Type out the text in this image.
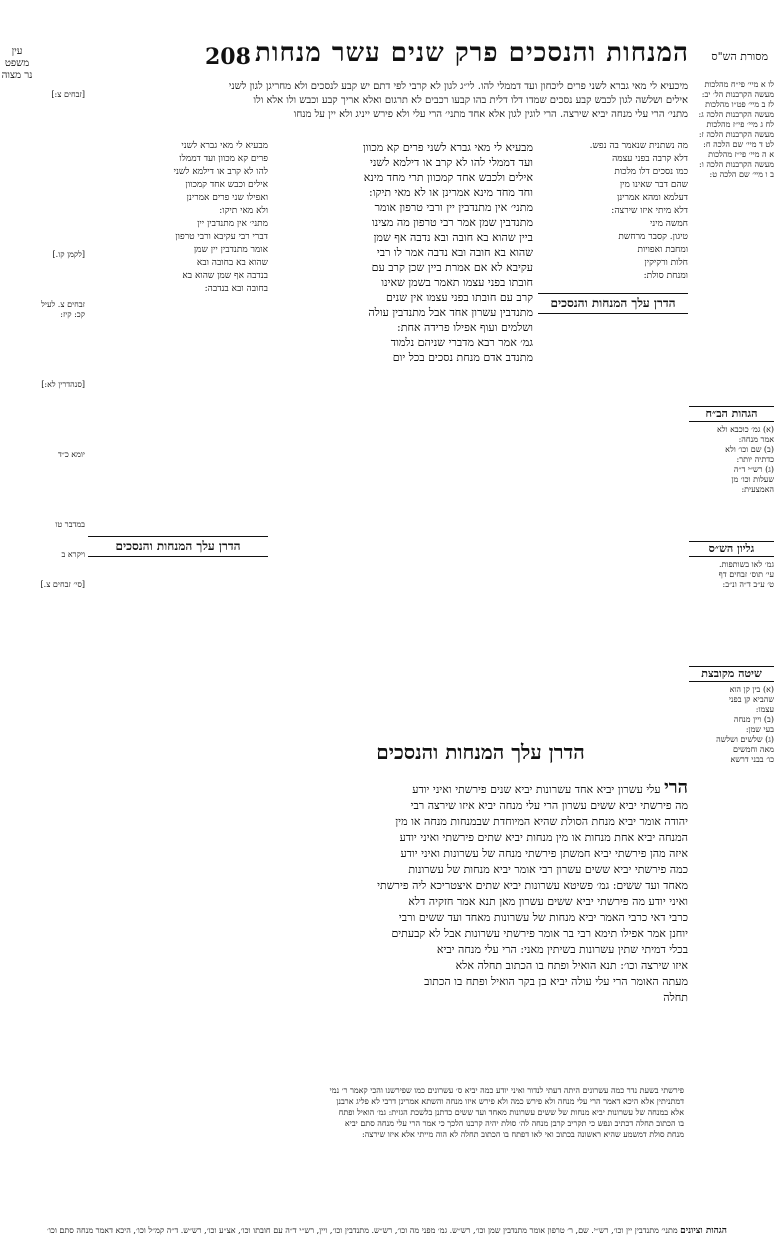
208 המנחות והנסכים פרק שנים עשר מנחות
עין משפט נר מצוה
מסורת הש"ס
לו א מיי׳ פי״ח מהלכות
מעשה הקרבנות הל׳ יב:
לז ב מיי׳ פט״ו מהלכות
מעשה הקרבנות הלכה ג:
לח ג מיי׳ פי״ז מהלכות
מעשה הקרבנות הלכה ז:
לט ד מיי׳ שם הלכה ח:
א ה מיי׳ פי״ז מהלכות
מעשה הקרבנות הלכה ו:
ב ו מיי׳ שם הלכה ט:
הגהות הב״ח
(א) גמ׳ כוכבא ולא
אמר מנחה:
(ב) שם וכו׳ ולא
כדתיה יותר:
(ג) רש״י ד״ה
שעלות וכו׳ מן
האמצעית:
גליון הש״ס
גמ׳ לאו בשותפות.
עי׳ תוס׳ זבחים דף
ט׳ ע״ב ד״ה ונ״ב:
שיטה מקובצת
(א) בין קן הוא
שהביא קן בפני
עצמו:
(ב) ויין מנחה
בעי שמן:
(ג) שלשים ושלשה
מאה וחמשים
כו׳ בבני דרשא
[זבחים צ:]
[לקמן קו.]
זבחים צ. לעיל
קכ: קיז:
[סנהדרין לא:]
יומא כ״ד
במדבר טו
ויקרא ב
[סי׳ זבחים צ.]
מיכעיא לי מאי גברא לשני פרים ליכחון ועד דממלי להו. לי״ג לגון לא קרבי לפי דתם יש קבע לנסכים ולא מחריגן לגון לשני
אילים ושלשה לגון לכבש קבע נסכים שמדו דלו דלית בהו קבעו רכבים לא תרגום ואלא אריך קבע וכבש ולו אלא ולו
מתני׳ הרי עלי מנחה יביא שירצה. הרי לוגין לגון אלא אחד מתני׳ הרי עלי ולא פירש ייניג ולא יין על מנחו
מה נשתנית שנאמר בה נפש.
דלא קרבה בפני עצמה
כמו נסכים דלו מלכות
שהם דבר שאינו מין
דעלמא ומהא אמרינן
דלא מיתי איזו שירצה:
חמשה מיני
טיגון. קסבר מרחשת
ומחבת ואפויות
חלות ורקיקין
ומנחת סולת:
הדרן עלך המנחות והנסכים
מבעיא לי מאי גברא לשני פרים קא מכוון
ועד דממלי להו לא קרב או דילמא לשני
אילים ולכבש אחד קמכוון תרי מחד מינא
וחד מחד מינא אמרינן או לא מאי תיקו:
מתני׳ אין מתנדבין יין ורבי טרפון אומר
מתנדבין שמן אמר רבי טרפון מה מצינו
ביין שהוא בא חובה ובא נדבה אף שמן
שהוא בא חובה ובא נדבה אמר לו רבי
עקיבא לא אם אמרת ביין שכן קרב עם
חובתו בפני עצמו תאמר בשמן שאינו
קרב עם חובתו בפני עצמו אין שנים
מתנדבין עשרון אחד אבל מתנדבין עולה
ושלמים ועוף אפילו פרידה אחת:
גמ׳ אמר רבא מדברי שניהם נלמוד
מתנדב אדם מנחת נסכים בכל יום
מבעיא לי מאי גברא לשני
פרים קא מכוון ועד דממלו
להו לא קרב או דילמא לשני
אילים וכבש אחד קמכוון
ואפילו שני פרים אמרינן
ולא מאי תיקו:
מתני׳ אין מתנדבין יין
דברי רבי עקיבא ורבי טרפון
אומר מתנדבין יין שמן
שהוא בא בחובה ובא
בנדבה אף שמן שהוא בא
בחובה ובא בנדבה:
הדרן עלך המנחות והנסכים
הדרן עלך המנחות והנסכים
הרי עלי עשרון יביא אחד עשרונות יביא שנים פירשתי ואיני יודע
מה פירשתי יביא ששים עשרון הרי עלי מנחה יביא איזו שירצה רבי
יהודה אומר יביא מנחת הסולת שהיא המיוחדת שבמנחות מנחה או מין
המנחה יביא אחת מנחות או מין מנחות יביא שתים פירשתי ואיני יודע
איזה מהן פירשתי יביא חמשתן פירשתי מנחה של עשרונות ואיני יודע
כמה פירשתי יביא ששים עשרון רבי אומר יביא מנחות של עשרונות
מאחד ועד ששים: גמ׳ פשיטא עשרונות יביא שתים איצטריכא ליה פירשתי
ואיני יודע מה פירשתי יביא ששים עשרון מאן תנא אמר חזקיה דלא
כרבי דאי כרבי האמר יביא מנחות של עשרונות מאחד ועד ששים ורבי
יוחנן אמר אפילו תימא רבי בר אומר פירשתי עשרונות אבל לא קבעתים
בכלי דמיתי שתין עשרונות בשיתין מאני: הרי עלי מנחה יביא
איזו שירצה וכו׳: תנא הואיל ופתח בו הכתוב תחלה אלא
מעתה האומר הרי עלי עולה יביא בן בקר הואיל ופתח בו הכתוב
תחלה
פירשתי בשעת נדר כמה עשרונים היתה דעתי לנדור ואיני יודע כמה יביא ס׳ עשרונים כמו שפירשנו והכי קאמר ר׳ נמי
דמתניתין אלא היכא דאמר הרי עלי מנחה ולא פירש כמה ולא פירש איזו מנחה והשתא אמרינן דרבי לא פליג ארבנן
אלא במנחה של עשרונות יביא מנחות של ששים עשרונות מאחד ועד ששים כדתנן בלשכת הגזית: גמ׳ הואיל ופתח
בו הכתוב תחלה דכתיב ונפש כי תקריב קרבן מנחה לה׳ סולת יהיה קרבנו הלכך כי אמר הרי עלי מנחה סתם יביא
מנחת סולת דמשמע שהיא ראשונה בכתוב ואי לאו דפתח בו הכתוב תחלה לא הוה מייתי אלא איזו שירצה:
הגהות וציונים מתני׳ מתנדבין יין וכו׳, רש״י. שם, ר׳ טרפון אומר מתנדבין שמן וכו׳, רש״ש. גמ׳ מפני מה וכו׳, רש״ש. מתנדבין וכו׳, ויין, רש״י ד״ה עם חובתו וכו׳, אצ״ע וכו׳, רש״ש. ד״ה קמ״ל וכו׳, היכא דאמר מנחה סתם וכו׳
